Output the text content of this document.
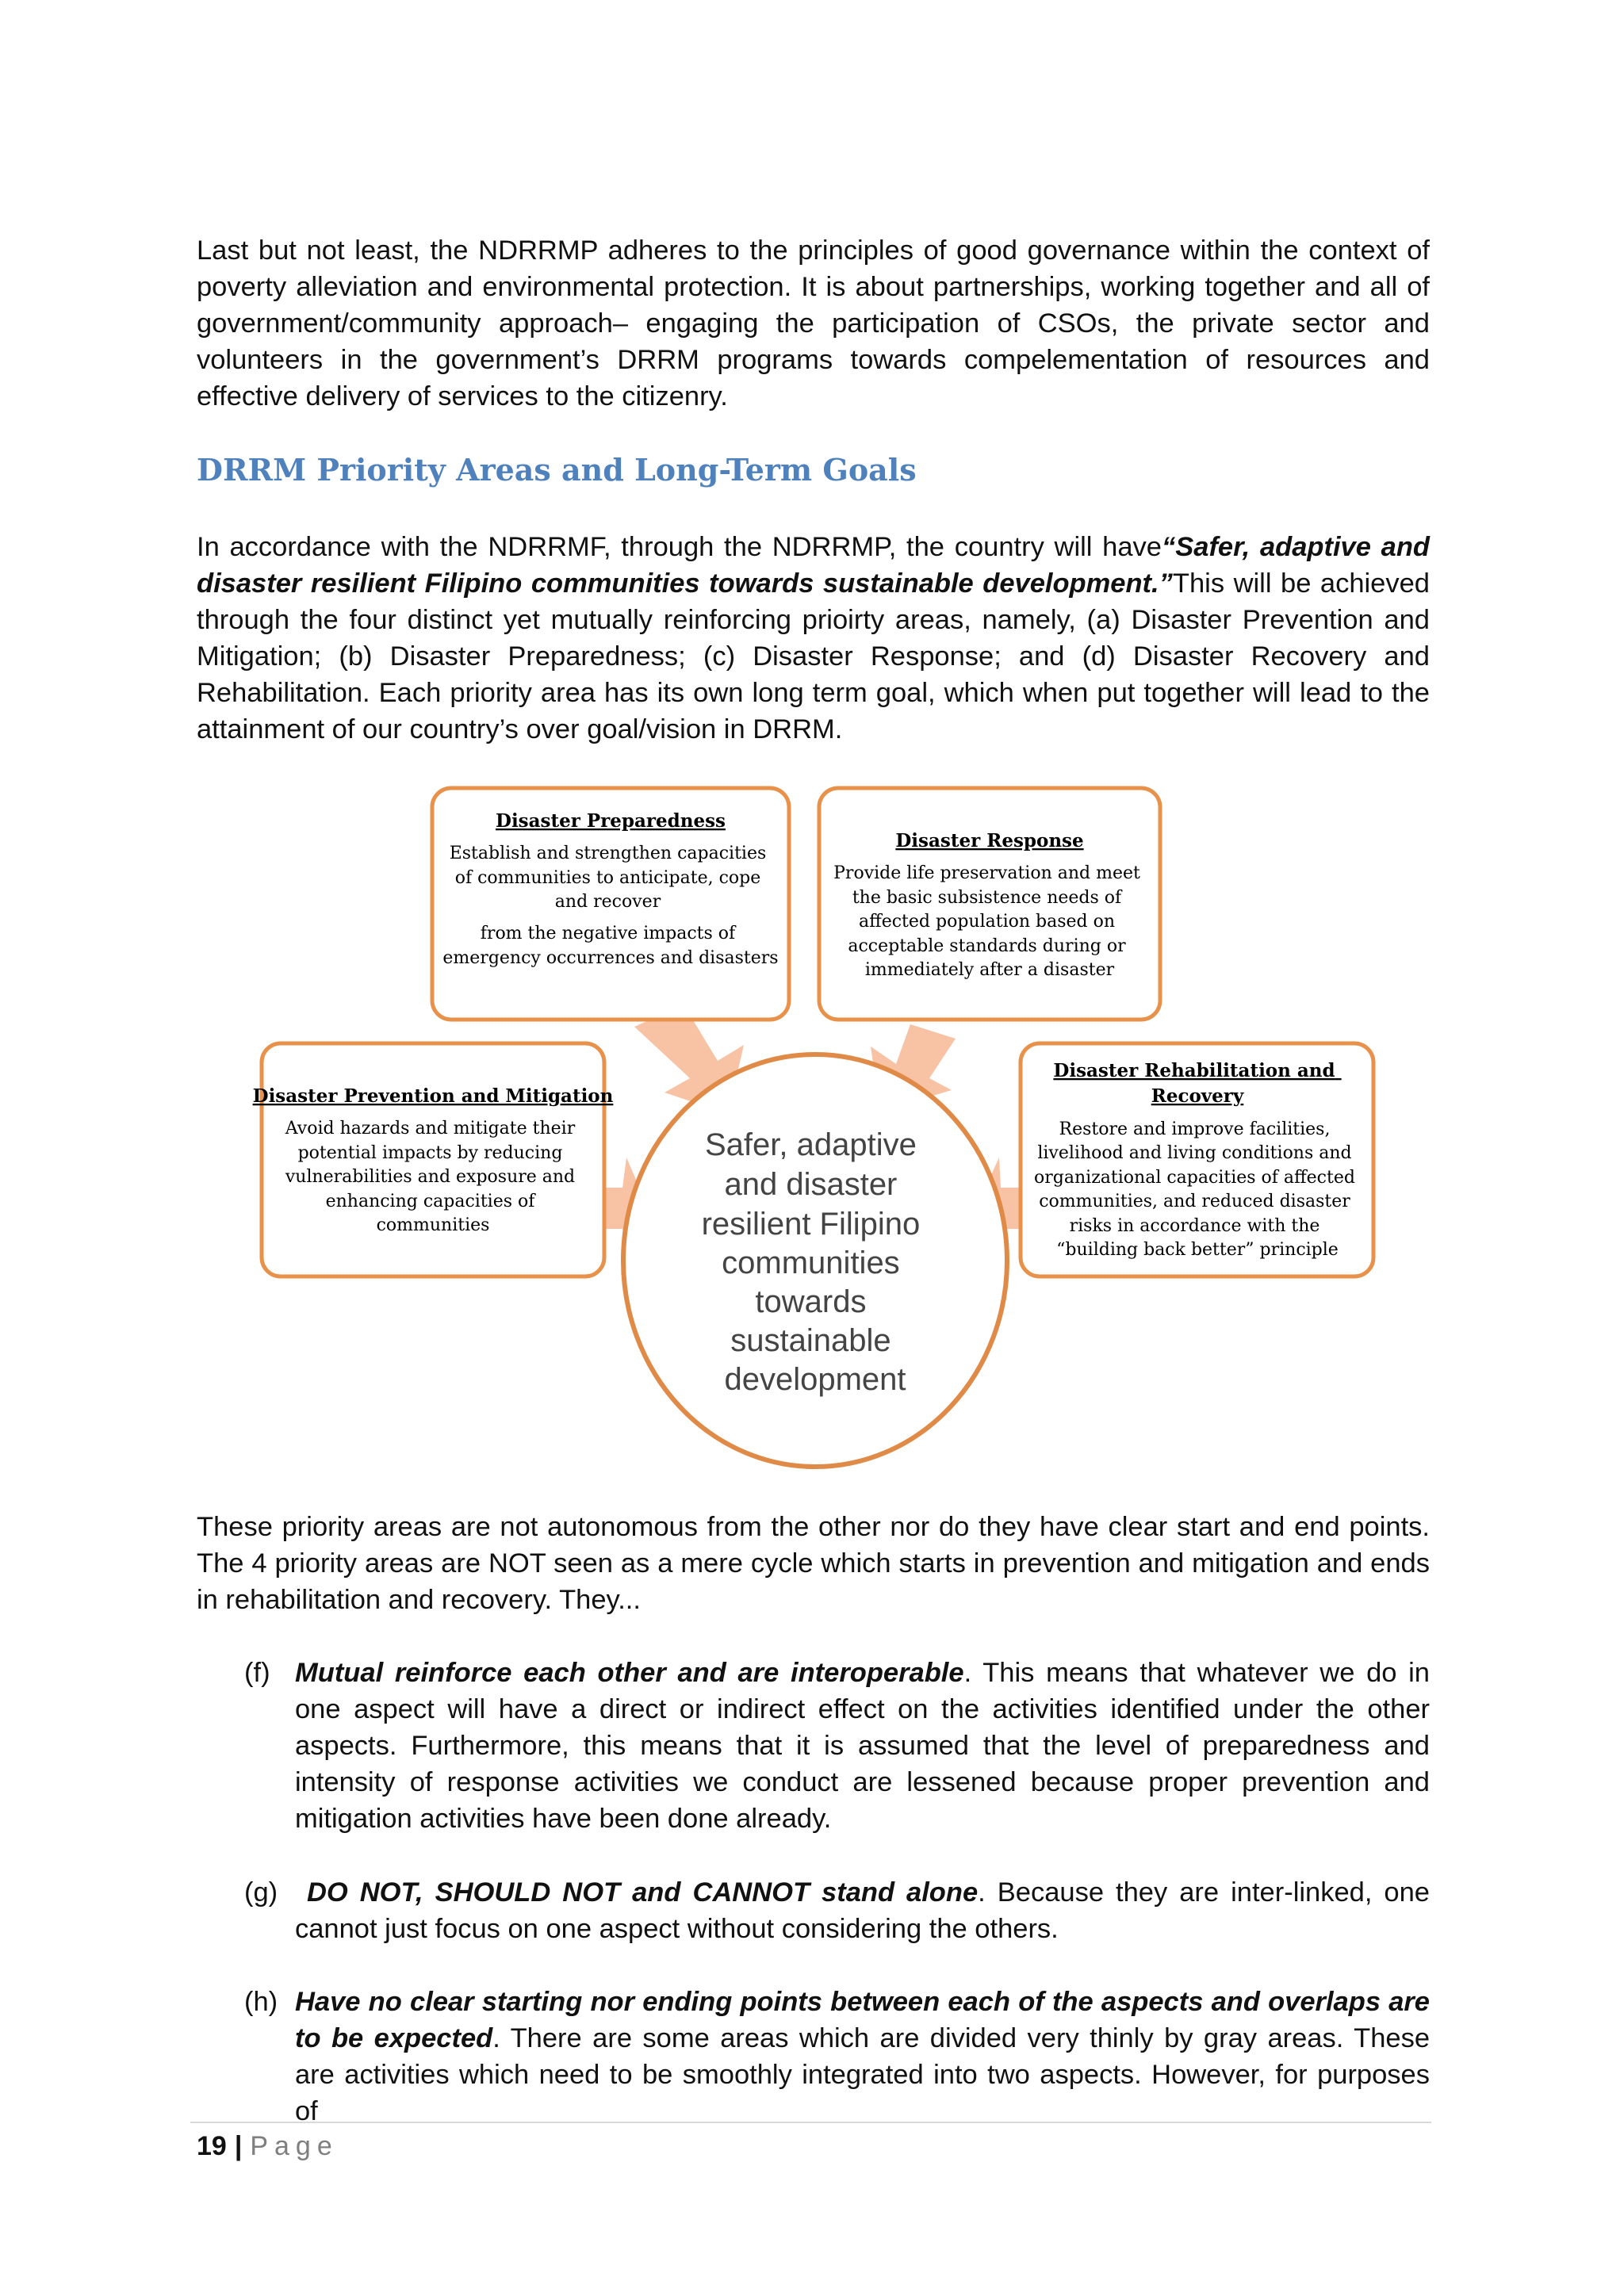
Last but not least, the NDRRMP adheres to the principles of good governance within the context of poverty alleviation and environmental protection. It is about partnerships, working together and all of government/community approach– engaging the participation of CSOs, the private sector and volunteers in the government’s DRRM programs towards compelementation of resources and effective delivery of services to the citizenry.

DRRM Priority Areas and Long-Term Goals

In accordance with the NDRRMF, through the NDRRMP, the country will have“Safer, adaptive and disaster resilient Filipino communities towards sustainable development.”This will be achieved through the four distinct yet mutually reinforcing prioirty areas, namely, (a) Disaster Prevention and Mitigation; (b) Disaster Preparedness; (c) Disaster Response; and (d) Disaster Recovery and Rehabilitation. Each priority area has its own long term goal, which when put together will lead to the attainment of our country’s over goal/vision in DRRM.

Safer, adaptive and disaster resilient Filipino communities towards sustainable development
Disaster Preparedness
Establish and strengthen capacities of communities to anticipate, cope and recover from the negative impacts of emergency occurrences and disasters
Disaster Response
Provide life preservation and meet the basic subsistence needs of affected population based on acceptable standards during or immediately after a disaster
Disaster Prevention and Mitigation
Avoid hazards and mitigate their potential impacts by reducing vulnerabilities and exposure and enhancing capacities of communities
Disaster Rehabilitation and Recovery
Restore and improve facilities, livelihood and living conditions and organizational capacities of affected communities, and reduced disaster risks in accordance with the “building back better” principle

These priority areas are not autonomous from the other nor do they have clear start and end points. The 4 priority areas are NOT seen as a mere cycle which starts in prevention and mitigation and ends in rehabilitation and recovery. They...

(f) Mutual reinforce each other and are interoperable. This means that whatever we do in one aspect will have a direct or indirect effect on the activities identified under the other aspects. Furthermore, this means that it is assumed that the level of preparedness and intensity of response activities we conduct are lessened because proper prevention and mitigation activities have been done already.
(g) DO NOT, SHOULD NOT and CANNOT stand alone. Because they are inter-linked, one cannot just focus on one aspect without considering the others.
(h) Have no clear starting nor ending points between each of the aspects and overlaps are to be expected. There are some areas which are divided very thinly by gray areas. These are activities which need to be smoothly integrated into two aspects. However, for purposes of
19 | Page
